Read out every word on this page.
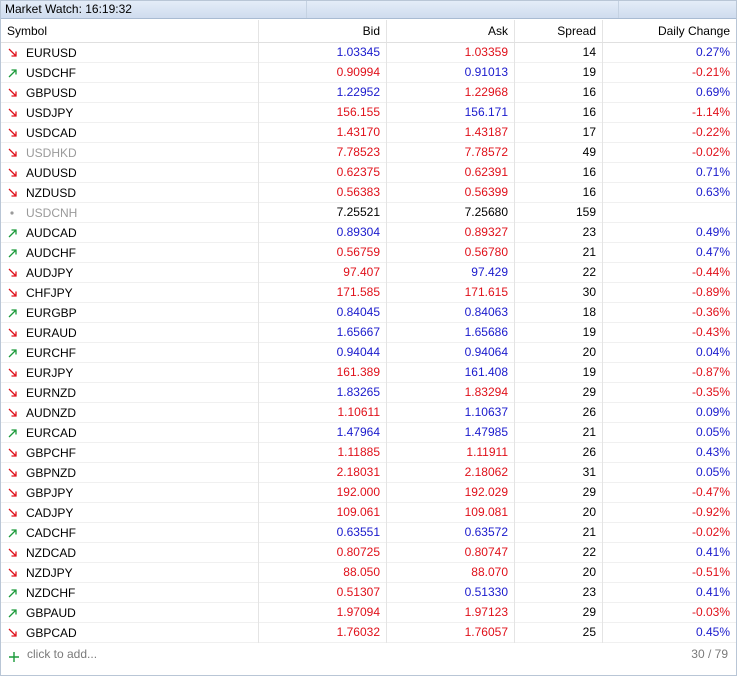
Market Watch: 16:19:32
Symbol	Bid	Ask	Spread	Daily Change
EURUSD	1.03345	1.03359	14	0.27%
USDCHF	0.90994	0.91013	19	-0.21%
GBPUSD	1.22952	1.22968	16	0.69%
USDJPY	156.155	156.171	16	-1.14%
USDCAD	1.43170	1.43187	17	-0.22%
USDHKD	7.78523	7.78572	49	-0.02%
AUDUSD	0.62375	0.62391	16	0.71%
NZDUSD	0.56383	0.56399	16	0.63%
USDCNH	7.25521	7.25680	159
AUDCAD	0.89304	0.89327	23	0.49%
AUDCHF	0.56759	0.56780	21	0.47%
AUDJPY	97.407	97.429	22	-0.44%
CHFJPY	171.585	171.615	30	-0.89%
EURGBP	0.84045	0.84063	18	-0.36%
EURAUD	1.65667	1.65686	19	-0.43%
EURCHF	0.94044	0.94064	20	0.04%
EURJPY	161.389	161.408	19	-0.87%
EURNZD	1.83265	1.83294	29	-0.35%
AUDNZD	1.10611	1.10637	26	0.09%
EURCAD	1.47964	1.47985	21	0.05%
GBPCHF	1.11885	1.11911	26	0.43%
GBPNZD	2.18031	2.18062	31	0.05%
GBPJPY	192.000	192.029	29	-0.47%
CADJPY	109.061	109.081	20	-0.92%
CADCHF	0.63551	0.63572	21	-0.02%
NZDCAD	0.80725	0.80747	22	0.41%
NZDJPY	88.050	88.070	20	-0.51%
NZDCHF	0.51307	0.51330	23	0.41%
GBPAUD	1.97094	1.97123	29	-0.03%
GBPCAD	1.76032	1.76057	25	0.45%
click to add...	30 / 79
